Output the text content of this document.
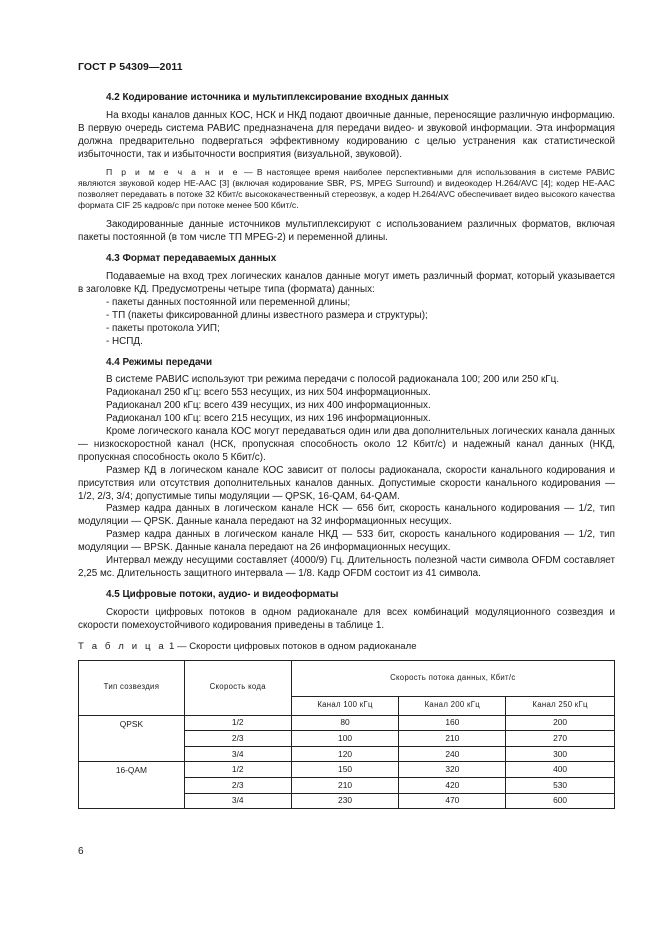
ГОСТ Р 54309—2011
4.2 Кодирование источника и мультиплексирование входных данных

На входы каналов данных КОС, НСК и НКД подают двоичные данные, переносящие различную информацию. В первую очередь система РАВИС предназначена для передачи видео- и звуковой информации. Эта информация должна предварительно подвергаться эффективному кодированию с целью устранения как статистической избыточности, так и избыточности восприятия (визуальной, звуковой).

П р и м е ч а н и е — В настоящее время наиболее перспективными для использования в системе РАВИС являются звуковой кодер HE-AAC [3] (включая кодирование SBR, PS, MPEG Surround) и видеокодер H.264/AVC [4]; кодер HE-AAC позволяет передавать в потоке 32 Кбит/с высококачественный стереозвук, а кодер H.264/AVC обеспечивает видео высокого качества формата CIF 25 кадров/с при потоке менее 500 Кбит/с.

Закодированные данные источников мультиплексируют с использованием различных форматов, включая пакеты постоянной (в том числе ТП MPEG-2) и переменной длины.

4.3 Формат передаваемых данных

Подаваемые на вход трех логических каналов данные могут иметь различный формат, который указывается в заголовке КД. Предусмотрены четыре типа (формата) данных:

- пакеты данных постоянной или переменной длины;
- ТП (пакеты фиксированной длины известного размера и структуры);
- пакеты протокола УИП;
- НСПД.
4.4 Режимы передачи

В системе РАВИС используют три режима передачи с полосой радиоканала 100; 200 или 250 кГц.

Радиоканал 250 кГц: всего 553 несущих, из них 504 информационных.

Радиоканал 200 кГц: всего 439 несущих, из них 400 информационных.

Радиоканал 100 кГц: всего 215 несущих, из них 196 информационных.

Кроме логического канала КОС могут передаваться один или два дополнительных логических канала данных — низкоскоростной канал (НСК, пропускная способность около 12 Кбит/с) и надежный канал данных (НКД, пропускная способность около 5 Кбит/с).

Размер КД в логическом канале КОС зависит от полосы радиоканала, скорости канального кодирования и присутствия или отсутствия дополнительных каналов данных. Допустимые скорости канального кодирования — 1/2, 2/3, 3/4; допустимые типы модуляции — QPSK, 16-QAM, 64-QAM.

Размер кадра данных в логическом канале НСК — 656 бит, скорость канального кодирования — 1/2, тип модуляции — QPSK. Данные канала передают на 32 информационных несущих.

Размер кадра данных в логическом канале НКД — 533 бит, скорость канального кодирования — 1/2, тип модуляции — BPSK. Данные канала передают на 26 информационных несущих.

Интервал между несущими составляет (4000/9) Гц. Длительность полезной части символа OFDM составляет 2,25 мс. Длительность защитного интервала — 1/8. Кадр OFDM состоит из 41 символа.

4.5 Цифровые потоки, аудио- и видеоформаты

Скорости цифровых потоков в одном радиоканале для всех комбинаций модуляционного созвездия и скорости помехоустойчивого кодирования приведены в таблице 1.

Т а б л и ц а 1 — Скорости цифровых потоков в одном радиоканале
Тип созвездия	Скорость кода	Скорость потока данных, Кбит/с		
		Канал 100 кГц	Канал 200 кГц	Канал 250 кГц
QPSK	1/2	80	160	200
	2/3	100	210	270
	3/4	120	240	300
16-QAM	1/2	150	320	400
	2/3	210	420	530
	3/4	230	470	600
6
